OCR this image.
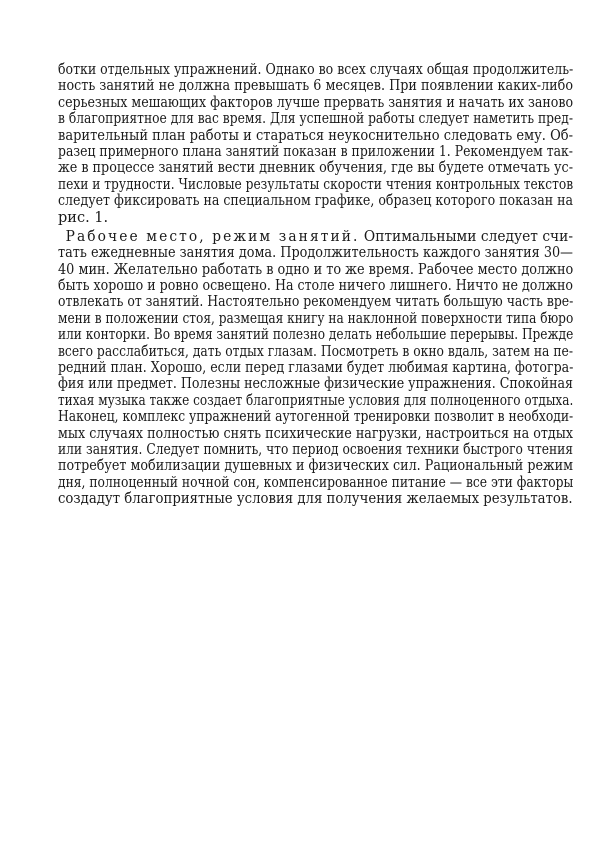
ботки отдельных упражнений. Однако во всех случаях общая продолжитель-
ность занятий не должна превышать 6 месяцев. При появлении каких-либо
серьезных мешающих факторов лучше прервать занятия и начать их заново
в благоприятное для вас время. Для успешной работы следует наметить пред-
варительный план работы и стараться неукоснительно следовать ему. Об-
разец примерного плана занятий показан в приложении 1. Рекомендуем так-
же в процессе занятий вести дневник обучения, где вы будете отмечать ус-
пехи и трудности. Числовые результаты скорости чтения контрольных текстов
следует фиксировать на специальном графике, образец которого показан на
рис. 1.
Рабочее место, режим занятий. Оптимальными следует счи-
тать ежедневные занятия дома. Продолжительность каждого занятия 30—
40 мин. Желательно работать в одно и то же время. Рабочее место должно
быть хорошо и ровно освещено. На столе ничего лишнего. Ничто не должно
отвлекать от занятий. Настоятельно рекомендуем читать большую часть вре-
мени в положении стоя, размещая книгу на наклонной поверхности типа бюро
или конторки. Во время занятий полезно делать небольшие перерывы. Прежде
всего расслабиться, дать отдых глазам. Посмотреть в окно вдаль, затем на пе-
редний план. Хорошо, если перед глазами будет любимая картина, фотогра-
фия или предмет. Полезны несложные физические упражнения. Спокойная
тихая музыка также создает благоприятные условия для полноценного отдыха.
Наконец, комплекс упражнений аутогенной тренировки позволит в необходи-
мых случаях полностью снять психические нагрузки, настроиться на отдых
или занятия. Следует помнить, что период освоения техники быстрого чтения
потребует мобилизации душевных и физических сил. Рациональный режим
дня, полноценный ночной сон, компенсированное питание — все эти факторы
создадут благоприятные условия для получения желаемых результатов.
